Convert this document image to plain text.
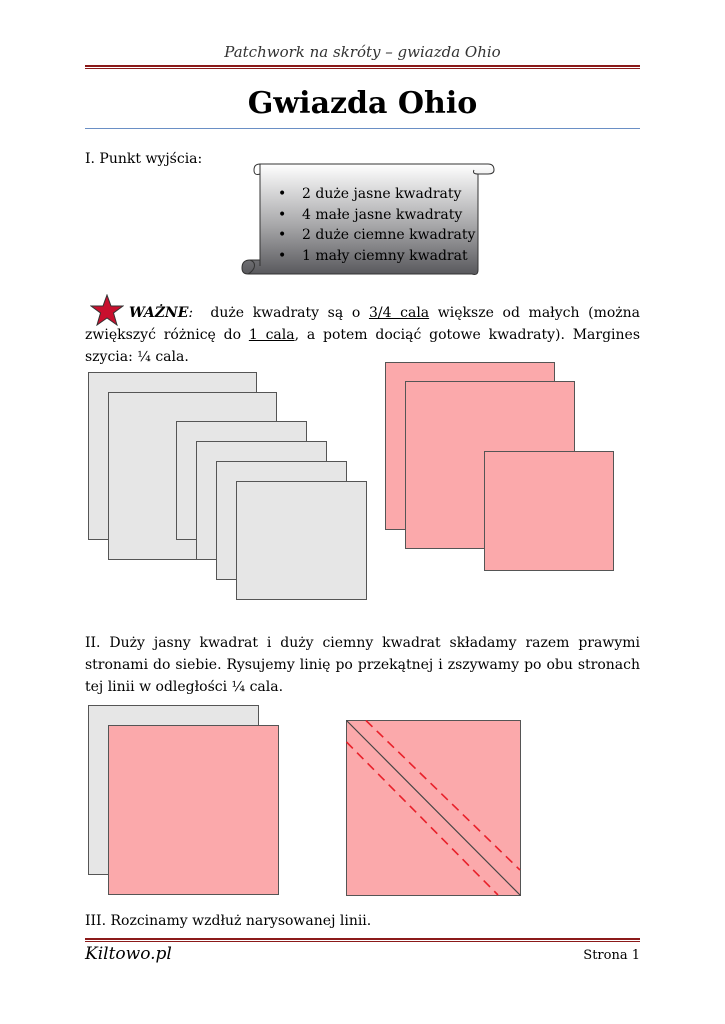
Patchwork na skróty – gwiazda Ohio
Gwiazda Ohio
I. Punkt wyjścia:
• 2 duże jasne kwadraty
• 4 małe jasne kwadraty
• 2 duże ciemne kwadraty
• 1 mały ciemny kwadrat
WAŻNE: duże kwadraty są o 3/4 cala większe od małych (można zwiększyć różnicę do 1 cala, a potem dociąć gotowe kwadraty). Margines szycia: ¼ cala.
II. Duży jasny kwadrat i duży ciemny kwadrat składamy razem prawymi stronami do siebie. Rysujemy linię po przekątnej i zszywamy po obu stronach tej linii w odległości ¼ cala.
III. Rozcinamy wzdłuż narysowanej linii.
Kiltowo.pl	Strona 1
